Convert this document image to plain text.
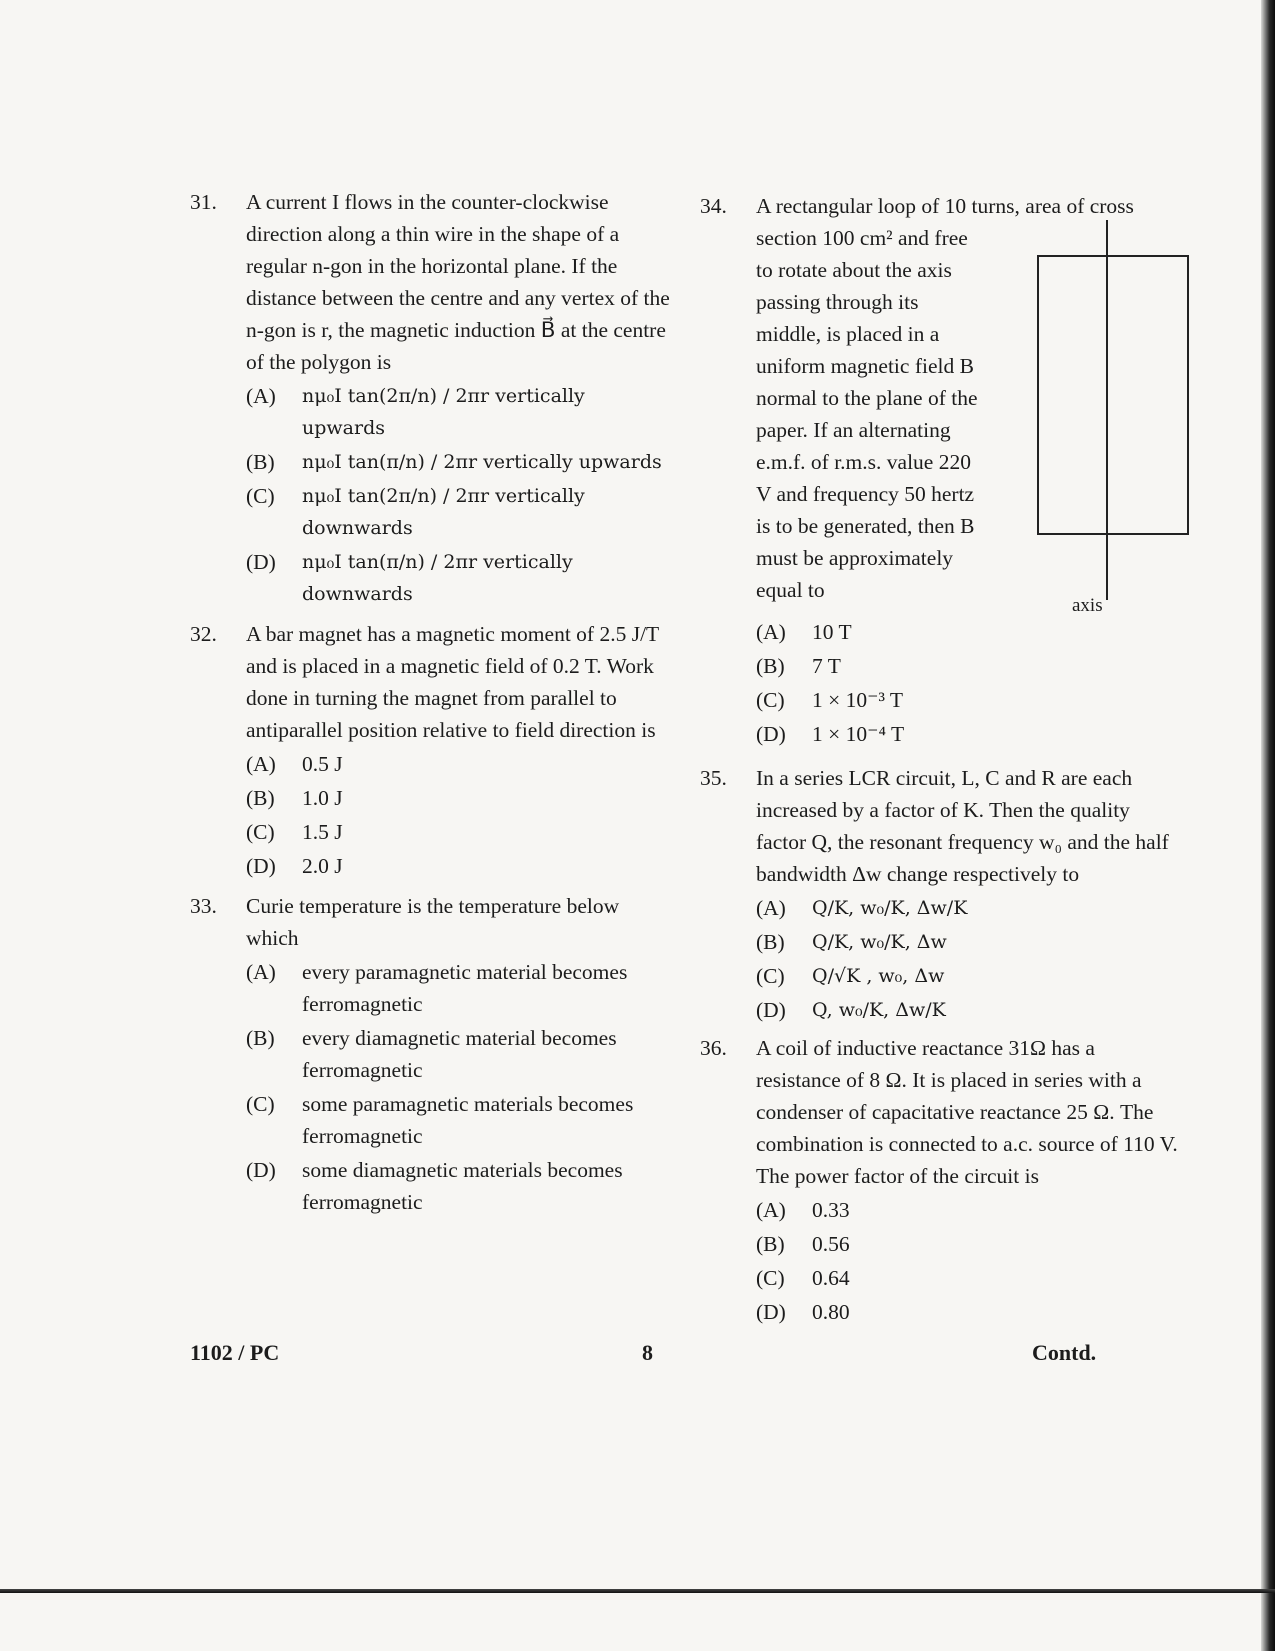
31.	A current I flows in the counter-clockwise direction along a thin wire in the shape of a regular n-gon in the horizontal plane. If the distance between the centre and any vertex of the n-gon is r, the magnetic induction B⃗ at the centre of the polygon is
(A)	nμ₀I tan(2π/n) / 2πr vertically upwards
(B)	nμ₀I tan(π/n) / 2πr vertically upwards
(C)	nμ₀I tan(2π/n) / 2πr vertically downwards
(D)	nμ₀I tan(π/n) / 2πr vertically downwards
32.	A bar magnet has a magnetic moment of 2.5 J/T and is placed in a magnetic field of 0.2 T. Work done in turning the magnet from parallel to antiparallel position relative to field direction is
(A)	0.5 J
(B)	1.0 J
(C)	1.5 J
(D)	2.0 J
33.	Curie temperature is the temperature below which
(A)	every paramagnetic material becomes ferromagnetic
(B)	every diamagnetic material becomes ferromagnetic
(C)	some paramagnetic materials becomes ferromagnetic
(D)	some diamagnetic materials becomes ferromagnetic
34.	A rectangular loop of 10 turns, area of cross
section 100 cm² and free to rotate about the axis passing through its middle, is placed in a uniform magnetic field B normal to the plane of the paper. If an alternating e.m.f. of r.m.s. value 220 V and frequency 50 hertz is to be generated, then B must be approximately equal to
axis
(A)	10 T
(B)	7 T
(C)	1 × 10⁻³ T
(D)	1 × 10⁻⁴ T
35.	In a series LCR circuit, L, C and R are each increased by a factor of K. Then the quality factor Q, the resonant frequency w₀ and the half bandwidth Δw change respectively to
(A)	Q/K, w₀/K, Δw/K
(B)	Q/K, w₀/K, Δw
(C)	Q/√K , w₀, Δw
(D)	Q, w₀/K, Δw/K
36.	A coil of inductive reactance 31Ω has a resistance of 8 Ω. It is placed in series with a condenser of capacitative reactance 25 Ω. The combination is connected to a.c. source of 110 V. The power factor of the circuit is
(A)	0.33
(B)	0.56
(C)	0.64
(D)	0.80
1102 / PC	8	Contd.
